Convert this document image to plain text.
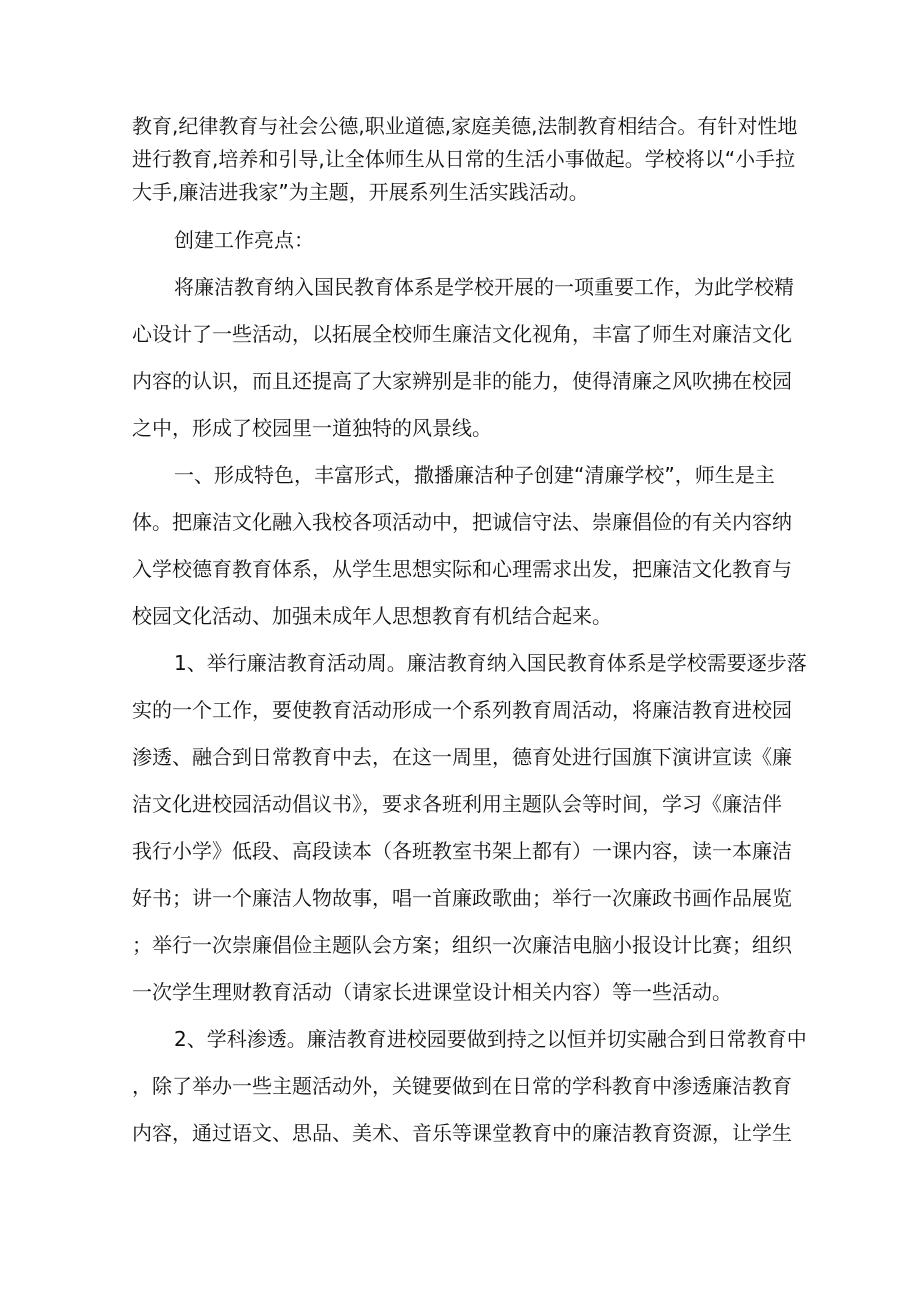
教育,纪律教育与社会公德,职业道德,家庭美德,法制教育相结合。有针对性地
进行教育,培养和引导,让全体师生从日常的生活小事做起。学校将以“小手拉
大手,廉洁进我家”为主题，开展系列生活实践活动。
创建工作亮点：
将廉洁教育纳入国民教育体系是学校开展的一项重要工作，为此学校精
心设计了一些活动，以拓展全校师生廉洁文化视角，丰富了师生对廉洁文化
内容的认识，而且还提高了大家辨别是非的能力，使得清廉之风吹拂在校园
之中，形成了校园里一道独特的风景线。
一、形成特色，丰富形式，撒播廉洁种子创建“清廉学校”，师生是主
体。把廉洁文化融入我校各项活动中，把诚信守法、崇廉倡俭的有关内容纳
入学校德育教育体系，从学生思想实际和心理需求出发，把廉洁文化教育与
校园文化活动、加强未成年人思想教育有机结合起来。
1、举行廉洁教育活动周。廉洁教育纳入国民教育体系是学校需要逐步落
实的一个工作，要使教育活动形成一个系列教育周活动，将廉洁教育进校园
渗透、融合到日常教育中去，在这一周里，德育处进行国旗下演讲宣读《廉
洁文化进校园活动倡议书》，要求各班利用主题队会等时间，学习《廉洁伴
我行小学》低段、高段读本（各班教室书架上都有）一课内容，读一本廉洁
好书；讲一个廉洁人物故事，唱一首廉政歌曲；举行一次廉政书画作品展览
；举行一次崇廉倡俭主题队会方案；组织一次廉洁电脑小报设计比赛；组织
一次学生理财教育活动（请家长进课堂设计相关内容）等一些活动。
2、学科渗透。廉洁教育进校园要做到持之以恒并切实融合到日常教育中
，除了举办一些主题活动外，关键要做到在日常的学科教育中渗透廉洁教育
内容，通过语文、思品、美术、音乐等课堂教育中的廉洁教育资源，让学生
